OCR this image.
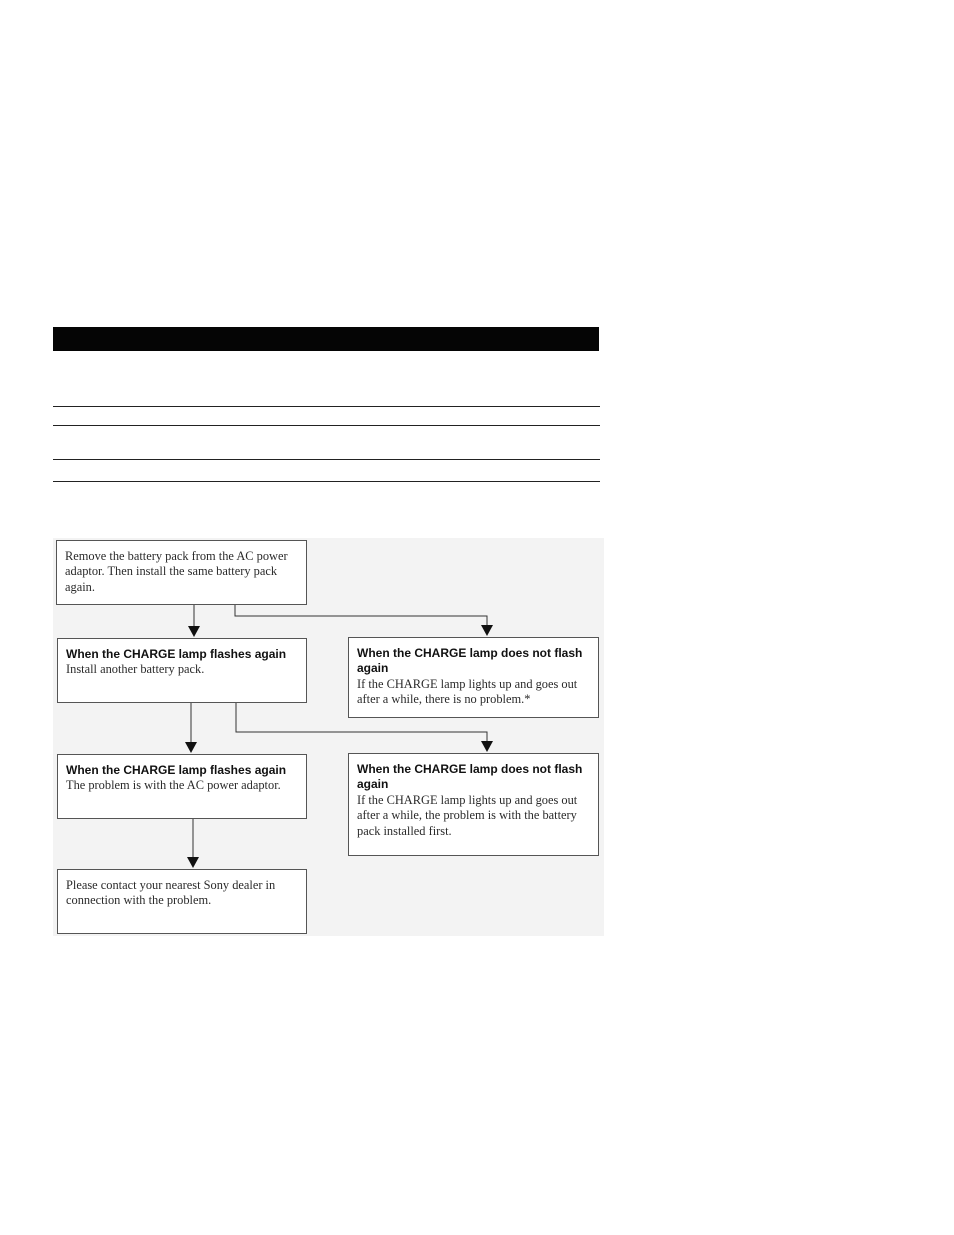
Remove the battery pack from the AC power adaptor. Then install the same battery pack again.
When the CHARGE lamp flashes again
Install another battery pack.
When the CHARGE lamp does not flash again
If the CHARGE lamp lights up and goes out after a while, there is no problem.*
When the CHARGE lamp flashes again
The problem is with the AC power adaptor.
When the CHARGE lamp does not flash again
If the CHARGE lamp lights up and goes out after a while, the problem is with the battery pack installed first.
Please contact your nearest Sony dealer in connection with the problem.
